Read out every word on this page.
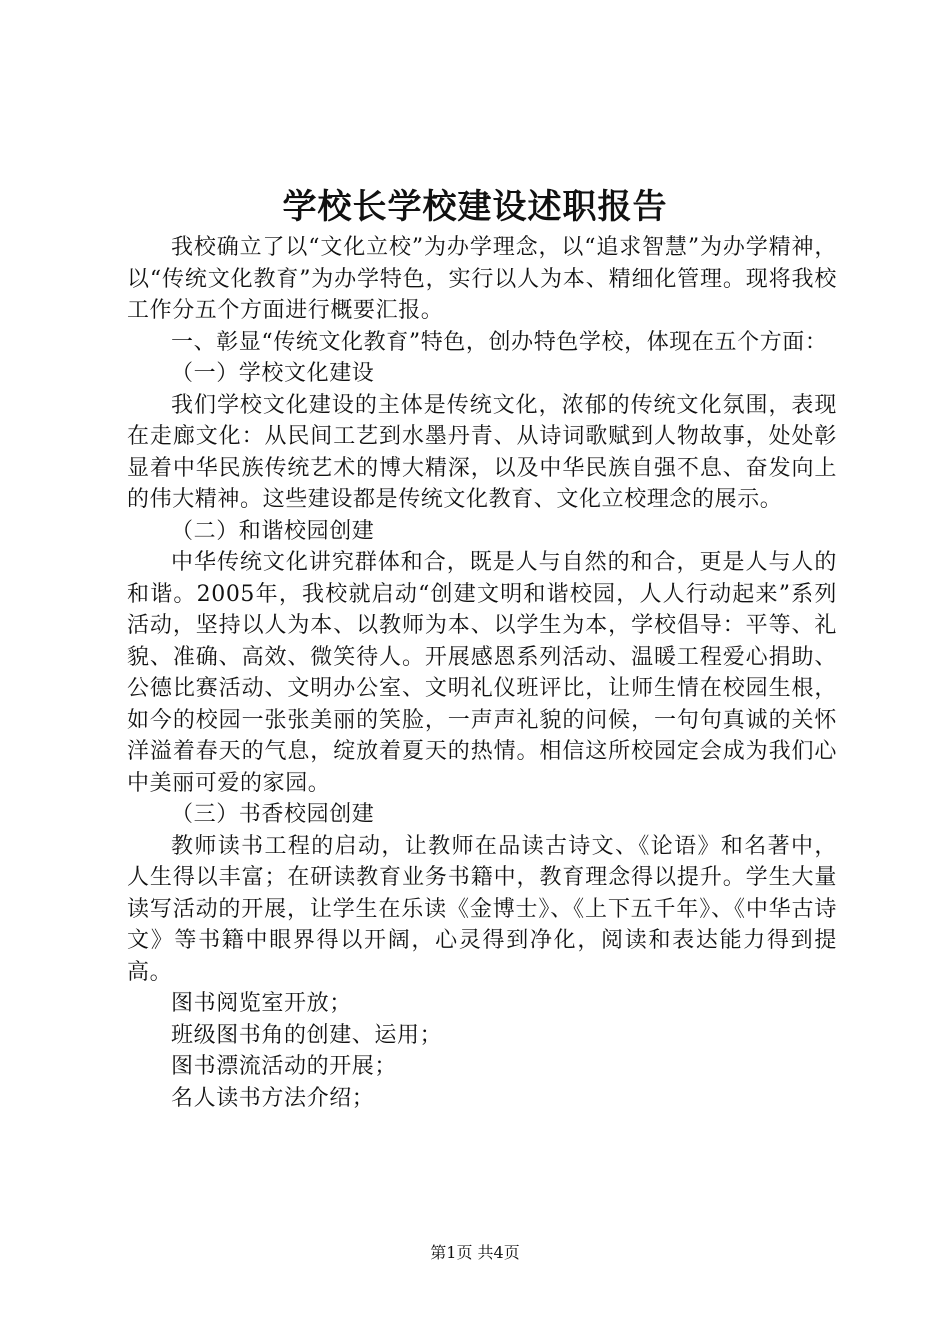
学校长学校建设述职报告

我校确立了以“文化立校”为办学理念，以“追求智慧”为办学精神，以“传统文化教育”为办学特色，实行以人为本、精细化管理。现将我校工作分五个方面进行概要汇报。

一、彰显“传统文化教育”特色，创办特色学校，体现在五个方面：

（一）学校文化建设

我们学校文化建设的主体是传统文化，浓郁的传统文化氛围，表现在走廊文化：从民间工艺到水墨丹青、从诗词歌赋到人物故事，处处彰显着中华民族传统艺术的博大精深，以及中华民族自强不息、奋发向上的伟大精神。这些建设都是传统文化教育、文化立校理念的展示。

（二）和谐校园创建

中华传统文化讲究群体和合，既是人与自然的和合，更是人与人的和谐。2005年，我校就启动“创建文明和谐校园，人人行动起来”系列活动，坚持以人为本、以教师为本、以学生为本，学校倡导：平等、礼貌、准确、高效、微笑待人。开展感恩系列活动、温暖工程爱心捐助、公德比赛活动、文明办公室、文明礼仪班评比，让师生情在校园生根，如今的校园一张张美丽的笑脸，一声声礼貌的问候，一句句真诚的关怀洋溢着春天的气息，绽放着夏天的热情。相信这所校园定会成为我们心中美丽可爱的家园。

（三）书香校园创建

教师读书工程的启动，让教师在品读古诗文、《论语》和名著中，人生得以丰富；在研读教育业务书籍中，教育理念得以提升。学生大量读写活动的开展，让学生在乐读《金博士》、《上下五千年》、《中华古诗文》等书籍中眼界得以开阔，心灵得到净化，阅读和表达能力得到提高。

图书阅览室开放；

班级图书角的创建、运用；

图书漂流活动的开展；

名人读书方法介绍；

第1页 共4页
